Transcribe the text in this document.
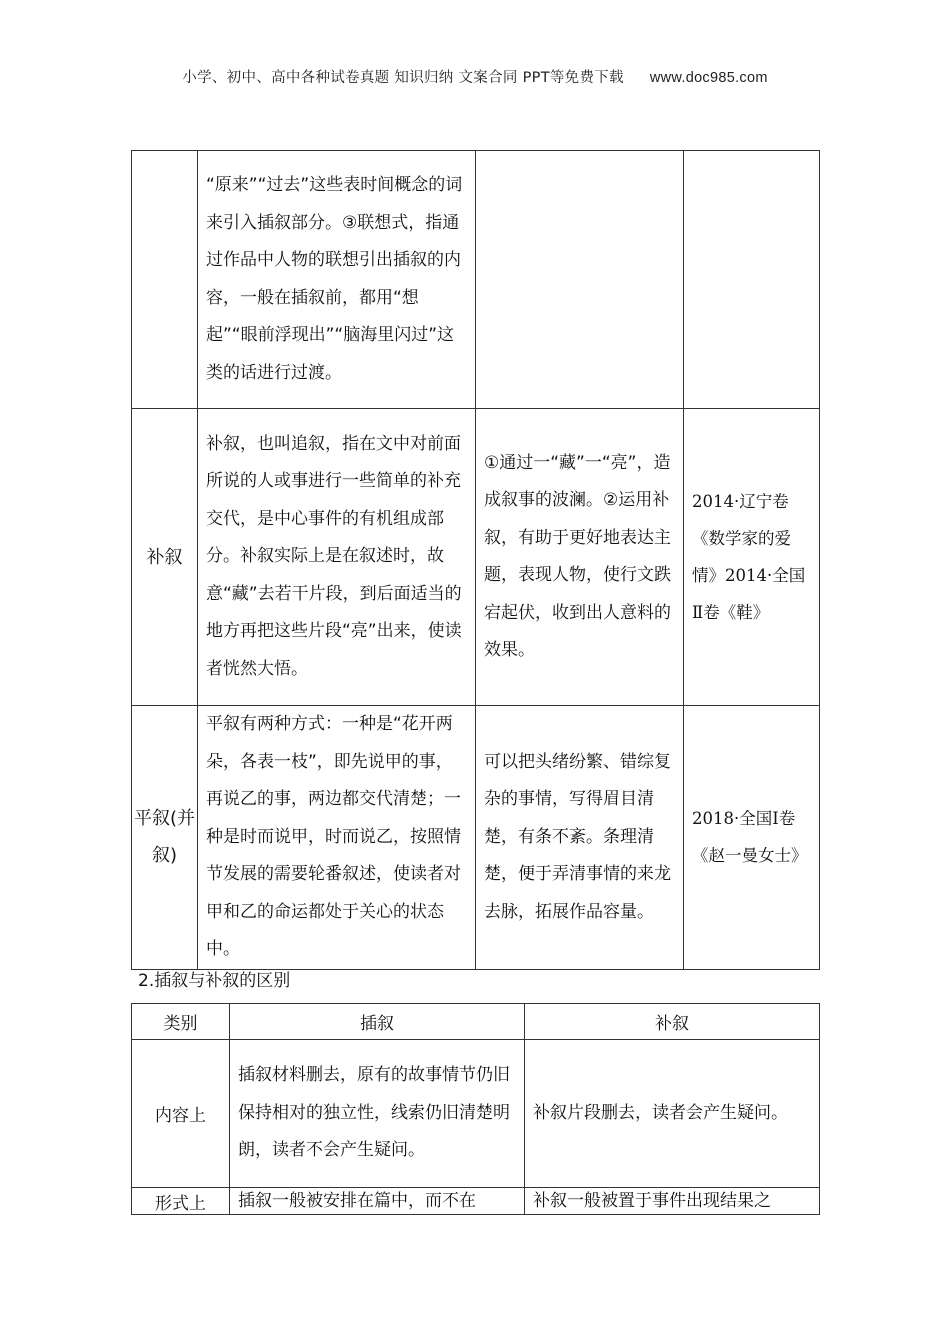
小学、初中、高中各种试卷真题 知识归纳 文案合同 PPT等免费下载 www.doc985.com
	“原来”“过去”这些表时间概念的词来引入插叙部分。③联想式，指通过作品中人物的联想引出插叙的内容，一般在插叙前，都用“想起”“眼前浮现出”“脑海里闪过”这类的话进行过渡。		
补叙	补叙，也叫追叙，指在文中对前面所说的人或事进行一些简单的补充交代，是中心事件的有机组成部分。补叙实际上是在叙述时，故意“藏”去若干片段，到后面适当的地方再把这些片段“亮”出来，使读者恍然大悟。	①通过一“藏”一“亮”，造成叙事的波澜。②运用补叙，有助于更好地表达主题，表现人物，使行文跌宕起伏，收到出人意料的效果。	2014·辽宁卷《数学家的爱情》2014·全国Ⅱ卷《鞋》
平叙(并叙)	平叙有两种方式：一种是“花开两朵，各表一枝”，即先说甲的事，再说乙的事，两边都交代清楚；一种是时而说甲，时而说乙，按照情节发展的需要轮番叙述，使读者对甲和乙的命运都处于关心的状态中。	可以把头绪纷繁、错综复杂的事情，写得眉目清楚，有条不紊。条理清楚，便于弄清事情的来龙去脉，拓展作品容量。	2018·全国Ⅰ卷《赵一曼女士》
2.插叙与补叙的区别
类别	插叙	补叙
内容上	插叙材料删去，原有的故事情节仍旧保持相对的独立性，线索仍旧清楚明朗，读者不会产生疑问。	补叙片段删去，读者会产生疑问。
形式上	插叙一般被安排在篇中，而不在	补叙一般被置于事件出现结果之
